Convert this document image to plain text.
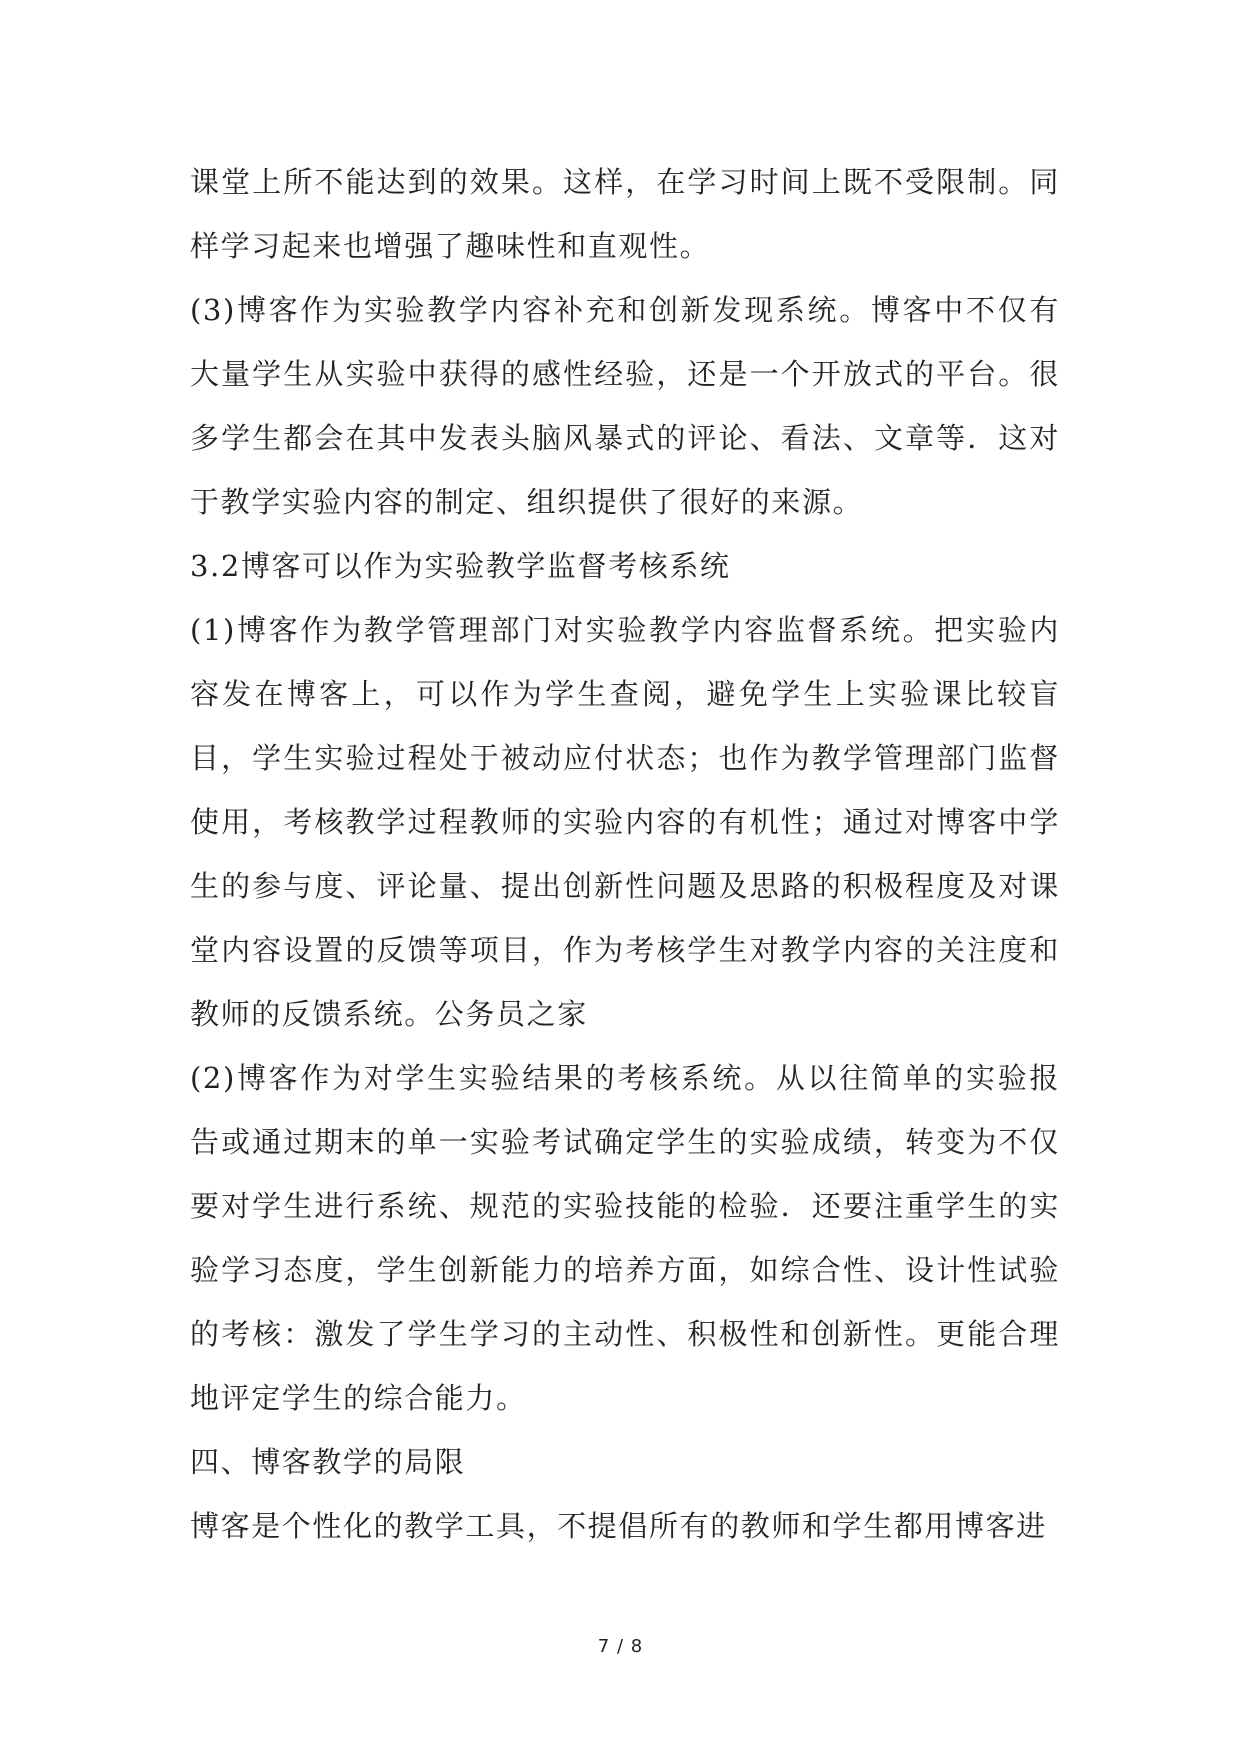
课堂上所不能达到的效果。这样，在学习时间上既不受限制。同样学习起来也增强了趣味性和直观性。

(3)博客作为实验教学内容补充和创新发现系统。博客中不仅有大量学生从实验中获得的感性经验，还是一个开放式的平台。很多学生都会在其中发表头脑风暴式的评论、看法、文章等．这对于教学实验内容的制定、组织提供了很好的来源。

3.2博客可以作为实验教学监督考核系统

(1)博客作为教学管理部门对实验教学内容监督系统。把实验内容发在博客上，可以作为学生查阅，避免学生上实验课比较盲目，学生实验过程处于被动应付状态；也作为教学管理部门监督使用，考核教学过程教师的实验内容的有机性；通过对博客中学生的参与度、评论量、提出创新性问题及思路的积极程度及对课堂内容设置的反馈等项目，作为考核学生对教学内容的关注度和教师的反馈系统。公务员之家

(2)博客作为对学生实验结果的考核系统。从以往简单的实验报告或通过期末的单一实验考试确定学生的实验成绩，转变为不仅要对学生进行系统、规范的实验技能的检验．还要注重学生的实验学习态度，学生创新能力的培养方面，如综合性、设计性试验的考核：激发了学生学习的主动性、积极性和创新性。更能合理地评定学生的综合能力。

四、博客教学的局限

博客是个性化的教学工具，不提倡所有的教师和学生都用博客进

7 / 8
